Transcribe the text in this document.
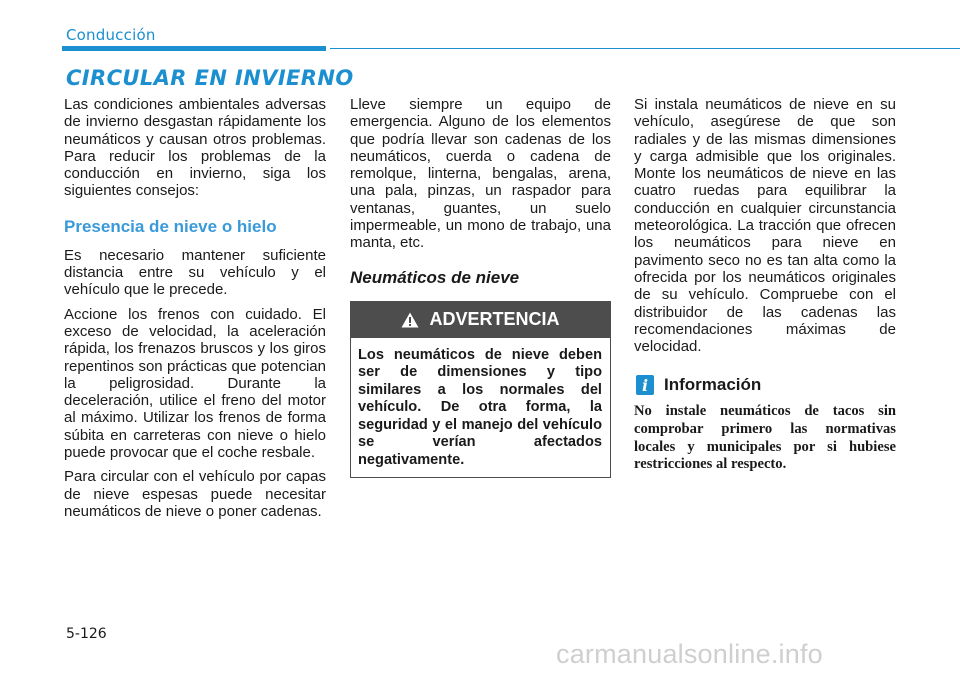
Conducción
CIRCULAR EN INVIERNO

Las condiciones ambientales adversas de invierno desgastan rápidamente los neumáticos y causan otros problemas. Para reducir los problemas de la conducción en invierno, siga los siguientes consejos:

Presencia de nieve o hielo

Es necesario mantener suficiente distancia entre su vehículo y el vehículo que le precede.

Accione los frenos con cuidado. El exceso de velocidad, la aceleración rápida, los frenazos bruscos y los giros repentinos son prácticas que potencian la peligrosidad. Durante la deceleración, utilice el freno del motor al máximo. Utilizar los frenos de forma súbita en carreteras con nieve o hielo puede provocar que el coche resbale.

Para circular con el vehículo por capas de nieve espesas puede necesitar neumáticos de nieve o poner cadenas.

Lleve siempre un equipo de emergencia. Alguno de los elementos que podría llevar son cadenas de los neumáticos, cuerda o cadena de remolque, linterna, bengalas, arena, una pala, pinzas, un raspador para ventanas, guantes, un suelo impermeable, un mono de trabajo, una manta, etc.

Neumáticos de nieve
ADVERTENCIA
Los neumáticos de nieve deben ser de dimensiones y tipo similares a los normales del vehículo. De otra forma, la seguridad y el manejo del vehículo se verían afectados negativamente.

Si instala neumáticos de nieve en su vehículo, asegúrese de que son radiales y de las mismas dimensiones y carga admisible que los originales. Monte los neumáticos de nieve en las cuatro ruedas para equilibrar la conducción en cualquier circunstancia meteorológica. La tracción que ofrecen los neumáticos para nieve en pavimento seco no es tan alta como la ofrecida por los neumáticos originales de su vehículo. Compruebe con el distribuidor de las cadenas las recomendaciones máximas de velocidad.

i Información

No instale neumáticos de tacos sin comprobar primero las normativas locales y municipales por si hubiese restricciones al respecto.

5-126
carmanualsonline.info
